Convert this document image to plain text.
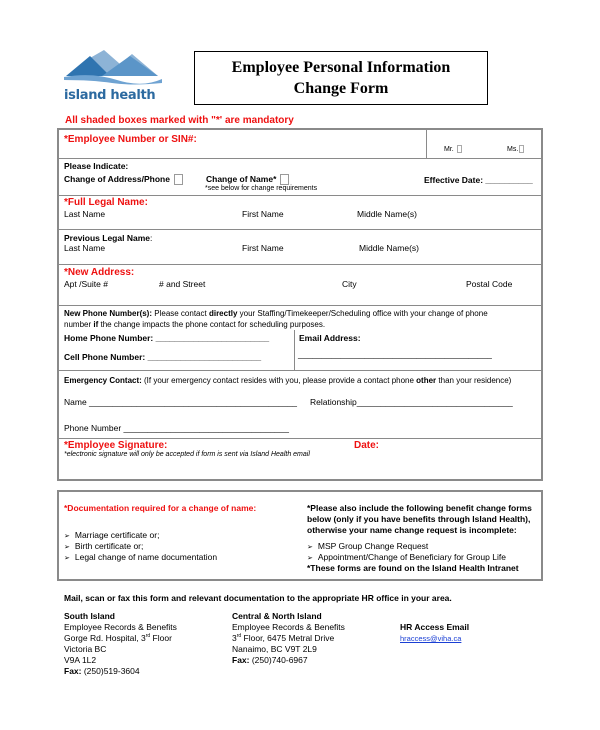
island health
Employee Personal Information
Change Form
All shaded boxes marked with "*' are mandatory
*Employee Number or SIN#:
Mr.	Ms.
Please Indicate:
Change of Address/Phone	Change of Name*
*see below for change requirements
Effective Date: __________
*Full Legal Name:
Last Name	First Name	Middle Name(s)
Previous Legal Name:
Last Name	First Name	Middle Name(s)
*New Address:
Apt /Suite #	# and Street	City	Postal Code
New Phone Number(s): Please contact directly your Staffing/Timekeeper/Scheduling office with your change of phone
number if the change impacts the phone contact for scheduling purposes.
Home Phone Number: ________________________
Cell Phone Number: ________________________
Email Address:
_________________________________________
Emergency Contact: (If your emergency contact resides with you, please provide a contact phone other than your residence)
Name ____________________________________________ Relationship_________________________________
Phone Number ___________________________________
*Employee Signature:	Date:
*electronic signature will only be accepted if form is sent via Island Health email
*Documentation required for a change of name:
➢ Marriage certificate or;
➢ Birth certificate or;
➢ Legal change of name documentation
*Please also include the following benefit change forms
below (only if you have benefits through Island Health),
otherwise your name change request is incomplete:
➢ MSP Group Change Request
➢ Appointment/Change of Beneficiary for Group Life
*These forms are found on the Island Health Intranet
Mail, scan or fax this form and relevant documentation to the appropriate HR office in your area.
South Island
Employee Records & Benefits
Gorge Rd. Hospital, 3rd Floor
Victoria BC
V9A 1L2
Fax: (250)519-3604
Central & North Island
Employee Records & Benefits
3rd Floor, 6475 Metral Drive
Nanaimo, BC V9T 2L9
Fax: (250)740-6967
HR Access Email
hraccess@viha.ca
